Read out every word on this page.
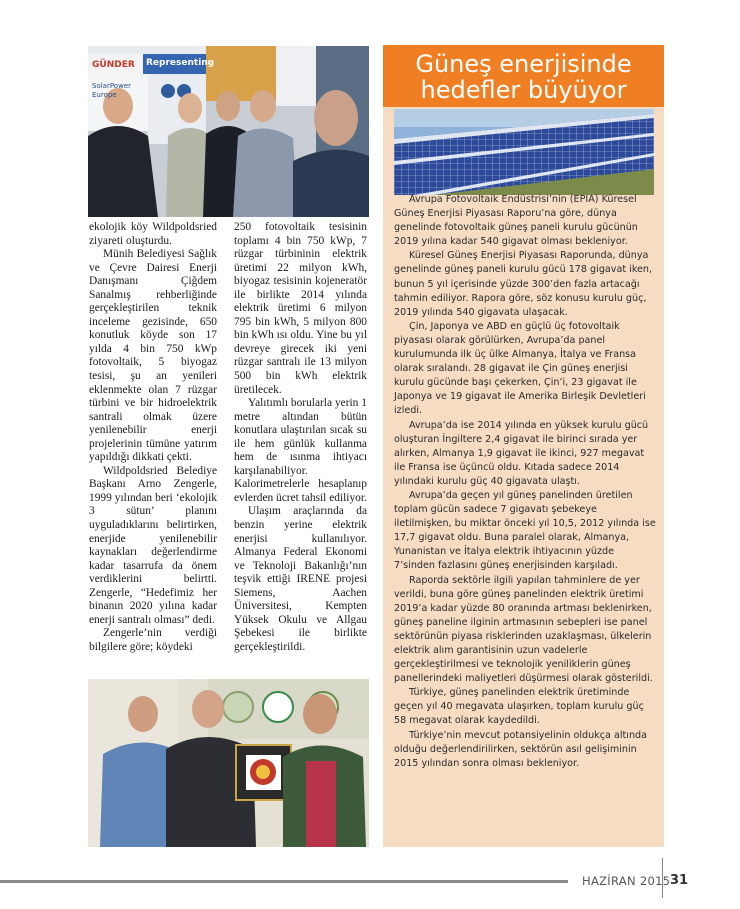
GÜNDER Representing
SolarPower Europe

ekolojik köy Wildpoldsried ziyareti oluşturdu.

Münih Belediyesi Sağlık ve Çevre Dairesi Enerji Danışmanı Çiğdem Sanalmış rehberliğinde gerçekleştirilen teknik inceleme gezisinde, 650 konutluk köyde son 17 yılda 4 bin 750 kWp fotovoltaik, 5 biyogaz tesisi, şu an yenileri eklenmekte olan 7 rüzgar türbini ve bir hidroelektrik santrali olmak üzere yenilenebilir enerji projelerinin tümüne yatırım yapıldığı dikkati çekti.

Wildpoldsried Belediye Başkanı Arno Zengerle, 1999 yılından beri ‘ekolojik 3 sütun’ planını uyguladıklarını belirtirken, enerjide yenilenebilir kaynakları değerlendirme kadar tasarrufa da önem verdiklerini belirtti. Zengerle, “Hedefimiz her binanın 2020 yılına kadar enerji santralı olması” dedi.

Zengerle’nin verdiği bilgilere göre; köydeki

250 fotovoltaik tesisinin toplamı 4 bin 750 kWp, 7 rüzgar türbininin elektrik üretimi 22 milyon kWh, biyogaz tesisinin kojeneratör ile birlikte 2014 yılında elektrik üretimi 6 milyon 795 bin kWh, 5 milyon 800 bin kWh ısı oldu. Yine bu yıl devreye girecek iki yeni rüzgar santralı ile 13 milyon 500 bin kWh elektrik üretilecek.

Yalıtımlı borularla yerin 1 metre altından bütün konutlara ulaştırılan sıcak su ile hem günlük kullanma hem de ısınma ihtiyacı karşılanabiliyor. Kalorimetrelerle hesaplanıp evlerden ücret tahsil ediliyor.

Ulaşım araçlarında da benzin yerine elektrik enerjisi kullanılıyor. Almanya Federal Ekonomi ve Teknoloji Bakanlığı’nın teşvik ettiği IRENE projesi Siemens, Aachen Üniversitesi, Kempten Yüksek Okulu ve Allgau Şebekesi ile birlikte gerçekleştirildi.

Güneş enerjisinde
hedefler büyüyor

Avrupa Fotovoltaik Endüstrisi’nin (EPIA) Küresel Güneş Enerjisi Piyasası Raporu’na göre, dünya genelinde fotovoltaik güneş paneli kurulu gücünün 2019 yılına kadar 540 gigavat olması bekleniyor.

Küresel Güneş Enerjisi Piyasası Raporunda, dünya genelinde güneş paneli kurulu gücü 178 gigavat iken, bunun 5 yıl içerisinde yüzde 300’den fazla artacağı tahmin ediliyor. Rapora göre, söz konusu kurulu güç, 2019 yılında 540 gigavata ulaşacak.

Çin, Japonya ve ABD en güçlü üç fotovoltaik piyasası olarak görülürken, Avrupa’da panel kurulumunda ilk üç ülke Almanya, İtalya ve Fransa olarak sıralandı. 28 gigavat ile Çin güneş enerjisi kurulu gücünde başı çekerken, Çin’i, 23 gigavat ile Japonya ve 19 gigavat ile Amerika Birleşik Devletleri izledi.

Avrupa’da ise 2014 yılında en yüksek kurulu gücü oluşturan İngiltere 2,4 gigavat ile birinci sırada yer alırken, Almanya 1,9 gigavat ile ikinci, 927 megavat ile Fransa ise üçüncü oldu. Kıtada sadece 2014 yılındaki kurulu güç 40 gigavata ulaştı.

Avrupa’da geçen yıl güneş panelinden üretilen toplam gücün sadece 7 gigavatı şebekeye iletilmişken, bu miktar önceki yıl 10,5, 2012 yılında ise 17,7 gigavat oldu. Buna paralel olarak, Almanya, Yunanistan ve İtalya elektrik ihtiyacının yüzde 7’sinden fazlasını güneş enerjisinden karşıladı.

Raporda sektörle ilgili yapılan tahminlere de yer verildi, buna göre güneş panelinden elektrik üretimi 2019’a kadar yüzde 80 oranında artması beklenirken, güneş paneline ilginin artmasının sebepleri ise panel sektörünün piyasa risklerinden uzaklaşması, ülkelerin elektrik alım garantisinin uzun vadelerle gerçekleştirilmesi ve teknolojik yeniliklerin güneş panellerindeki maliyetleri düşürmesi olarak gösterildi.

Türkiye, güneş panelinden elektrik üretiminde geçen yıl 40 megavata ulaşırken, toplam kurulu güç 58 megavat olarak kaydedildi.

Türkiye’nin mevcut potansiyelinin oldukça altında olduğu değerlendirilirken, sektörün asıl gelişiminin 2015 yılından sonra olması bekleniyor.

HAZİRAN 2015 31
